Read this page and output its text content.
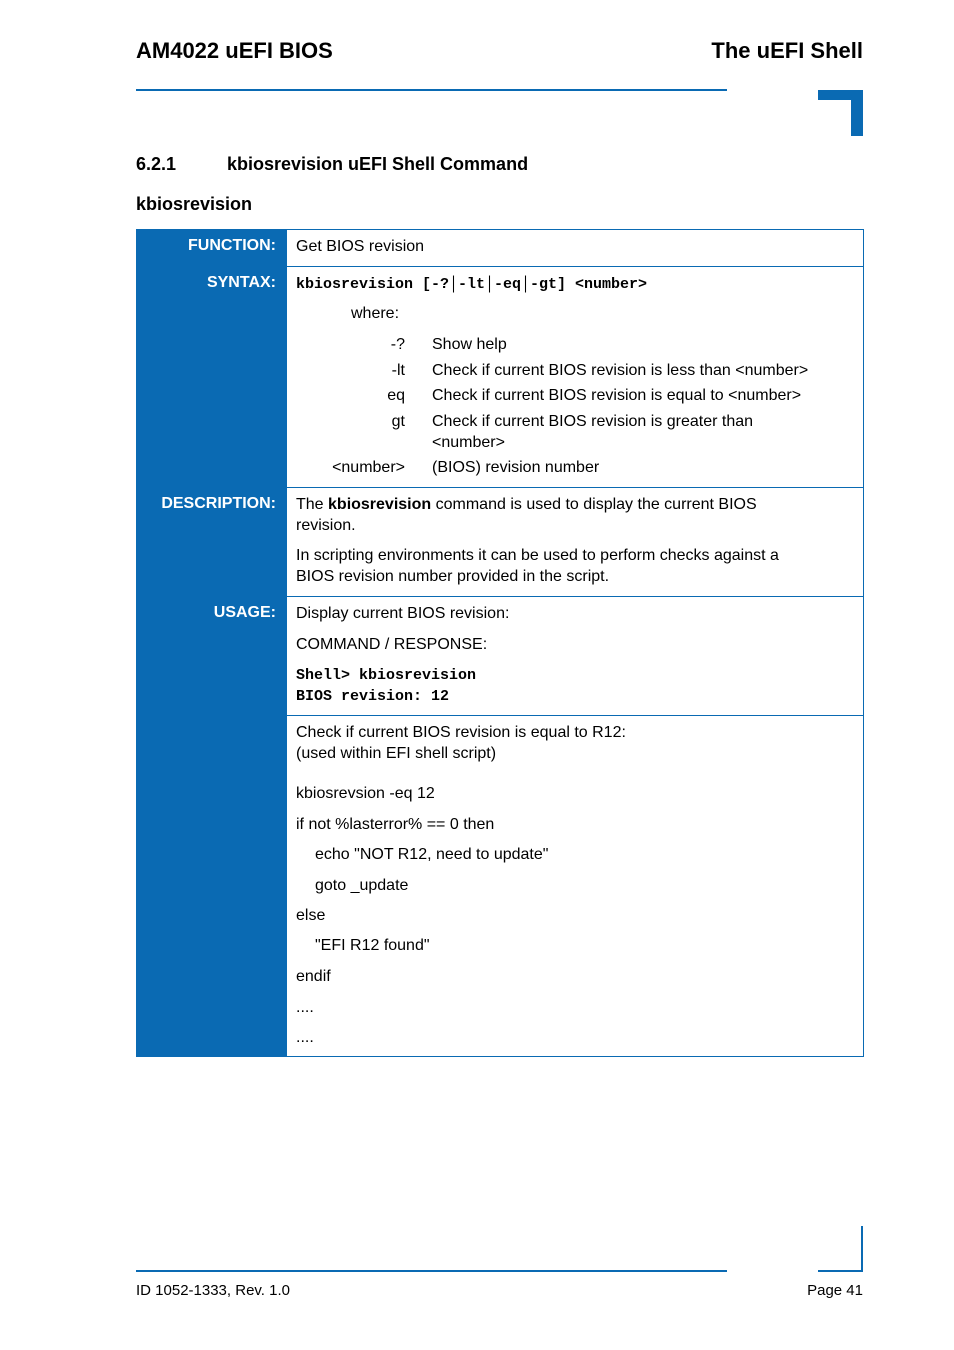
AM4022 uEFI BIOS	The uEFI Shell
6.2.1	kbiosrevision uEFI Shell Command
kbiosrevision
FUNCTION: Get BIOS revision
SYNTAX: kbiosrevision [-?│-lt│-eq│-gt] <number>
where:
-? Show help
-lt Check if current BIOS revision is less than <number>
eq Check if current BIOS revision is equal to <number>
gt Check if current BIOS revision is greater than
<number>
<number> (BIOS) revision number
DESCRIPTION: The kbiosrevision command is used to display the current BIOS
revision.
In scripting environments it can be used to perform checks against a
BIOS revision number provided in the script.
USAGE: Display current BIOS revision:
COMMAND / RESPONSE:
Shell> kbiosrevision
BIOS revision: 12
Check if current BIOS revision is equal to R12:
(used within EFI shell script)
kbiosrevsion -eq 12
if not %lasterror% == 0 then
echo "NOT R12, need to update"
goto _update
else
"EFI R12 found"
endif
....
....
ID 1052-1333, Rev. 1.0	Page 41
